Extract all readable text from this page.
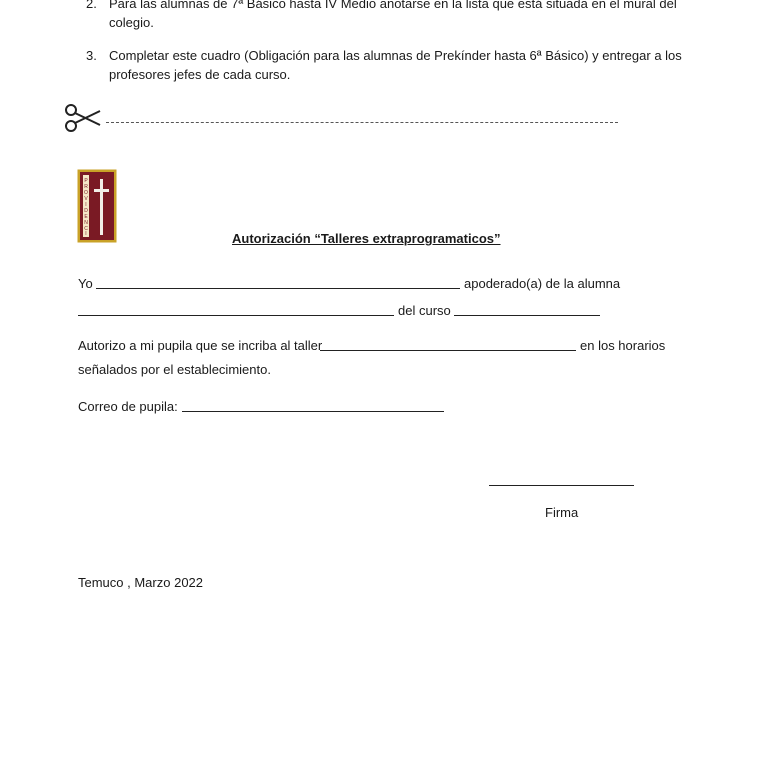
2. Para las alumnas de 7ª Básico hasta IV Medio anotarse en la lista que está situada en el mural del colegio.
3. Completar este cuadro (Obligación para las alumnas de Prekínder hasta 6ª Básico) y entregar a los profesores jefes de cada curso.
P
R
O
V
I
D
E
N
C
I	Autorización “Talleres extraprogramaticos”
Yo	apoderado(a) de la alumna
del curso
Autorizo a mi pupila que se incriba al taller	en los horarios
señalados por el establecimiento.
Correo de pupila:
Firma
Temuco , Marzo 2022
